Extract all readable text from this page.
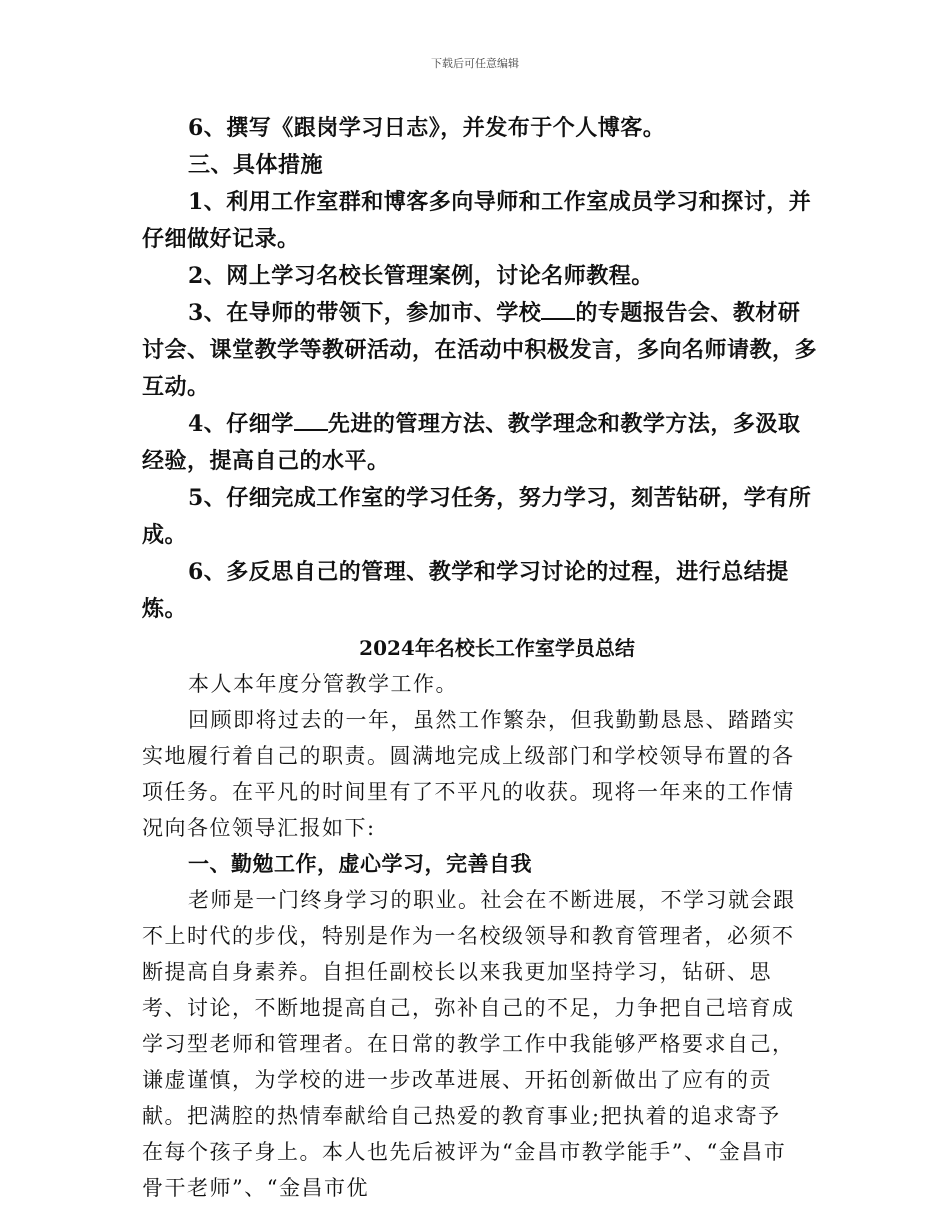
下载后可任意编辑

6、撰写《跟岗学习日志》，并发布于个人博客。

三、具体措施

1、利用工作室群和博客多向导师和工作室成员学习和探讨，并仔细做好记录。

2、网上学习名校长管理案例，讨论名师教程。

3、在导师的带领下，参加市、学校 的专题报告会、教材研讨会、课堂教学等教研活动，在活动中积极发言，多向名师请教，多互动。

4、仔细学 先进的管理方法、教学理念和教学方法，多汲取经验，提高自己的水平。

5、仔细完成工作室的学习任务，努力学习，刻苦钻研，学有所成。

6、多反思自己的管理、教学和学习讨论的过程，进行总结提炼。

2024年名校长工作室学员总结

本人本年度分管教学工作。

回顾即将过去的一年，虽然工作繁杂，但我勤勤恳恳、踏踏实实地履行着自己的职责。圆满地完成上级部门和学校领导布置的各项任务。在平凡的时间里有了不平凡的收获。现将一年来的工作情况向各位领导汇报如下:

一、勤勉工作，虚心学习，完善自我

老师是一门终身学习的职业。社会在不断进展，不学习就会跟不上时代的步伐，特别是作为一名校级领导和教育管理者，必须不断提高自身素养。自担任副校长以来我更加坚持学习，钻研、思考、讨论，不断地提高自己，弥补自己的不足，力争把自己培育成学习型老师和管理者。在日常的教学工作中我能够严格要求自己，谦虚谨慎，为学校的进一步改革进展、开拓创新做出了应有的贡献。把满腔的热情奉献给自己热爱的教育事业;把执着的追求寄予在每个孩子身上。本人也先后被评为“金昌市教学能手”、“金昌市骨干老师”、“金昌市优
